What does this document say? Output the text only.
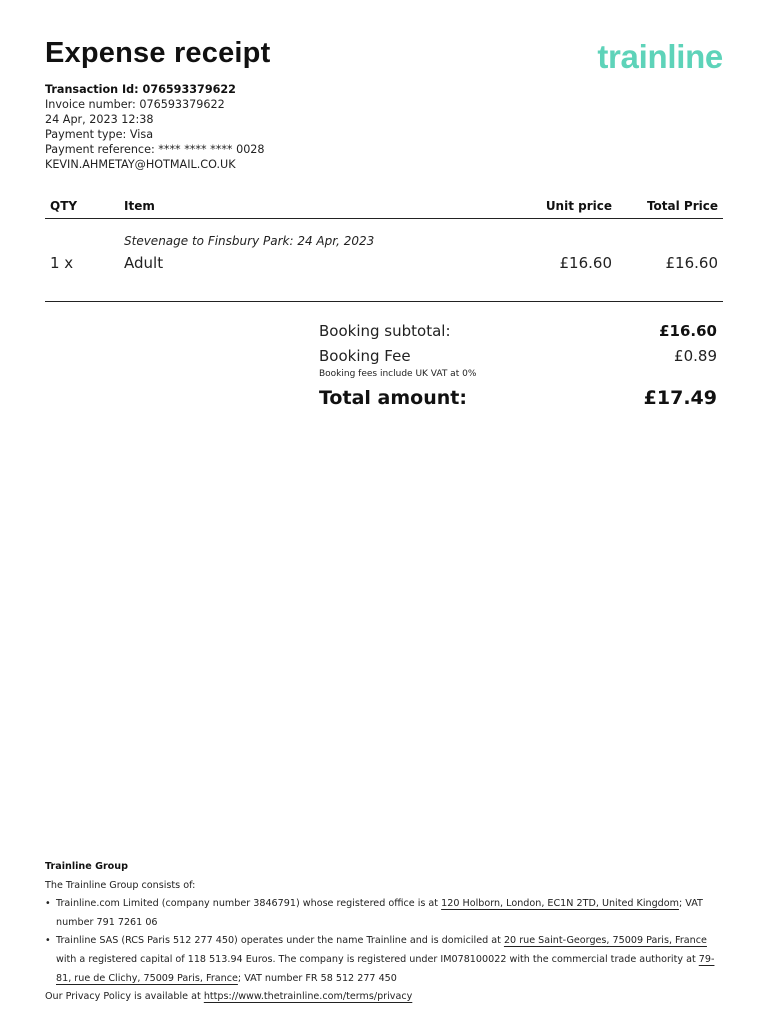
Expense receipt	trainline
Transaction Id: 076593379622
Invoice number: 076593379622
24 Apr, 2023 12:38
Payment type: Visa
Payment reference: **** **** **** 0028
KEVIN.AHMETAY@HOTMAIL.CO.UK
QTY	Item	Unit price	Total Price
Stevenage to Finsbury Park: 24 Apr, 2023
1 x	Adult	£16.60	£16.60
Booking subtotal:	£16.60
Booking Fee	£0.89
Booking fees include UK VAT at 0%
Total amount:	£17.49
Trainline Group
The Trainline Group consists of:
• Trainline.com Limited (company number 3846791) whose registered office is at 120 Holborn, London, EC1N 2TD, United Kingdom; VAT number 791 7261 06
• Trainline SAS (RCS Paris 512 277 450) operates under the name Trainline and is domiciled at 20 rue Saint-Georges, 75009 Paris, France with a registered capital of 118 513.94 Euros. The company is registered under IM078100022 with the commercial trade authority at 79-81, rue de Clichy, 75009 Paris, France; VAT number FR 58 512 277 450
Our Privacy Policy is available at https://www.thetrainline.com/terms/privacy
